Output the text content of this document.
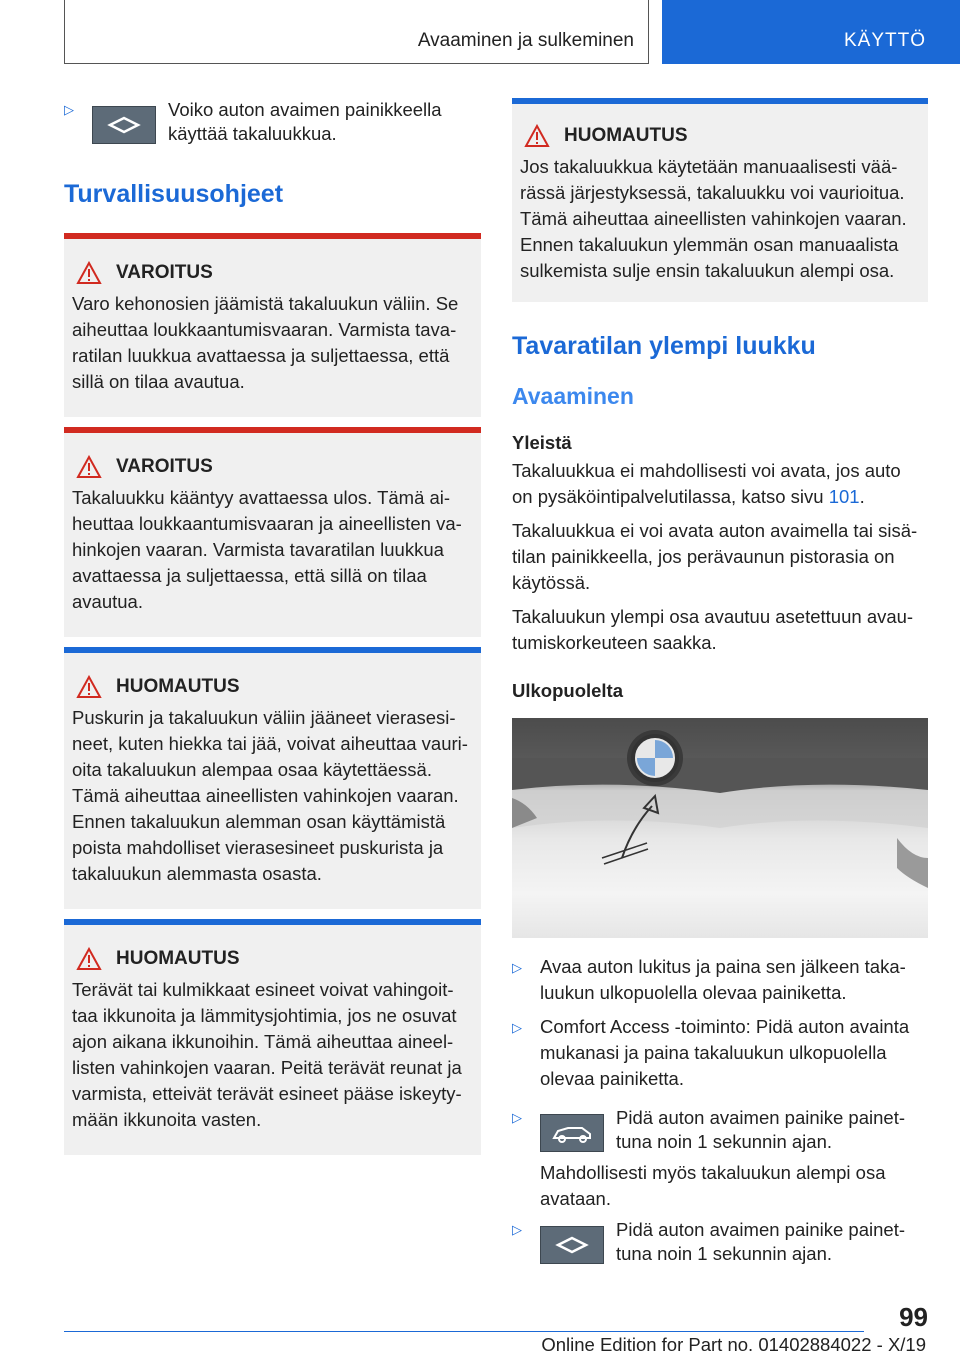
Avaaminen ja sulkeminen	KÄYTTÖ
▷	Voiko auton avaimen painikkeella
käyttää takaluukkua.
Turvallisuusohjeet
VAROITUS
Varo kehonosien jäämistä takaluukun väliin. Se
aiheuttaa loukkaantumisvaaran. Varmista tava-
ratilan luukkua avattaessa ja suljettaessa, että
sillä on tilaa avautua.
VAROITUS
Takaluukku kääntyy avattaessa ulos. Tämä ai-
heuttaa loukkaantumisvaaran ja aineellisten va-
hinkojen vaaran. Varmista tavaratilan luukkua
avattaessa ja suljettaessa, että sillä on tilaa
avautua.
HUOMAUTUS
Puskurin ja takaluukun väliin jääneet vierasesi-
neet, kuten hiekka tai jää, voivat aiheuttaa vauri-
oita takaluukun alempaa osaa käytettäessä.
Tämä aiheuttaa aineellisten vahinkojen vaaran.
Ennen takaluukun alemman osan käyttämistä
poista mahdolliset vierasesineet puskurista ja
takaluukun alemmasta osasta.
HUOMAUTUS
Terävät tai kulmikkaat esineet voivat vahingoit-
taa ikkunoita ja lämmitysjohtimia, jos ne osuvat
ajon aikana ikkunoihin. Tämä aiheuttaa aineel-
listen vahinkojen vaaran. Peitä terävät reunat ja
varmista, etteivät terävät esineet pääse iskeyty-
mään ikkunoita vasten.
HUOMAUTUS
Jos takaluukkua käytetään manuaalisesti vää-
rässä järjestyksessä, takaluukku voi vaurioitua.
Tämä aiheuttaa aineellisten vahinkojen vaaran.
Ennen takaluukun ylemmän osan manuaalista
sulkemista sulje ensin takaluukun alempi osa.
Tavaratilan ylempi luukku
Avaaminen
Yleistä

Takaluukkua ei mahdollisesti voi avata, jos auto
on pysäköintipalvelutilassa, katso sivu 101.

Takaluukkua ei voi avata auton avaimella tai sisä-
tilan painikkeella, jos perävaunun pistorasia on
käytössä.

Takaluukun ylempi osa avautuu asetettuun avau-
tumiskorkeuteen saakka.

Ulkopuolelta
▷ Avaa auton lukitus ja paina sen jälkeen taka-
luukun ulkopuolella olevaa painiketta.
▷ Comfort Access -toiminto: Pidä auton avainta
mukanasi ja paina takaluukun ulkopuolella
olevaa painiketta.
▷	Pidä auton avaimen painike painet-
tuna noin 1 sekunnin ajan.

Mahdollisesti myös takaluukun alempi osa
avataan.

▷	Pidä auton avaimen painike painet-
tuna noin 1 sekunnin ajan.
99
Online Edition for Part no. 01402884022 - X/19
